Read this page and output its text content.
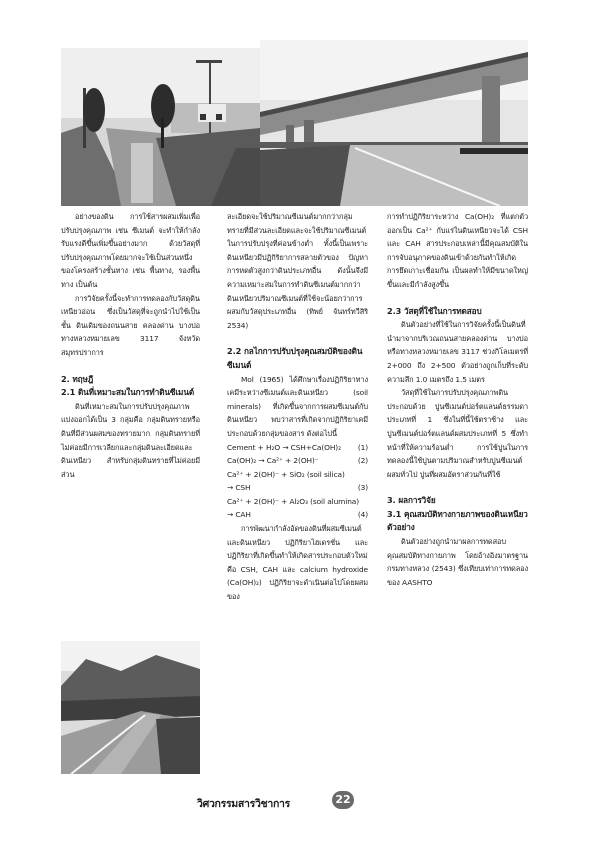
อย่างของดิน การใช้สารผสมเพิ่มเพื่อปรับปรุงคุณภาพ เช่น ซีเมนต์ จะทำให้กำลังรับแรงดีขึ้นเพิ่มขึ้นอย่างมาก ด้วยวัสดุที่ปรับปรุงคุณภาพโดยมากจะใช้เป็นส่วนหนึ่งของโครงสร้างชั้นทาง เช่น พื้นทาง, รองพื้นทาง เป็นต้น

การวิจัยครั้งนี้จะทำการทดลองกับวัสดุดินเหนียวอ่อน ซึ่งเป็นวัสดุที่จะถูกนำไปใช้เป็นชั้น ดินเดิมของถนนสาย คลองด่าน บางบ่อ ทางหลวงหมายเลข 3117 จังหวัดสมุทรปราการ

2. ทฤษฎี
2.1 ดินที่เหมาะสมในการทำดินซีเมนต์

ดินที่เหมาะสมในการปรับปรุงคุณภาพ แบ่งออกได้เป็น 3 กลุ่มคือ กลุ่มดินทรายหรือดินที่มีส่วนผสมของทรายมาก กลุ่มดินทรายที่ไม่ค่อยมีการเวลียกและกลุ่มดินละเอียดและดินเหนียว สำหรับกลุ่มดินทรายที่ไม่ค่อยมีส่วน

ละเอียดจะใช้ปริมาณซีเมนต์มากกว่ากลุ่มทรายที่มีส่วนละเอียดและจะใช้ปริมาณซีเมนต์ในการปรับปรุงที่ค่อนข้างต่ำ ทั้งนี้เป็นเพราะดินเหนียวมีปฏิกิริยาการสลายตัวของ ปัญหาการหดตัวสูงกว่าดินประเภทอื่น ดังนั้นจึงมีความเหมาะสมในการทำดินซีเมนต์มากกว่าดินเหนียวปริมาณซีเมนต์ที่ใช้จะน้อยกว่าการผสมกับวัสดุประเภทอื่น (ทิพย์ จันทร์ทวีสิริ 2534)

2.2 กลไกการปรับปรุงคุณสมบัติของดินซีเมนต์

Mol (1965) ได้ศึกษาเรื่องปฏิกิริยาทางเคมีระหว่างซีเมนต์และดินเหนียว (soil minerals) ที่เกิดขึ้นจากการผสมซีเมนต์กับดินเหนียว พบว่าสารที่เกิดจากปฏิกิริยาเคมีประกอบด้วยกลุ่มของสาร ดังต่อไปนี้

Cement + H₂O → CSH+Ca(OH)₂ (1)
Ca(OH)₂ → Ca²⁺ + 2(OH)⁻	(2)
Ca²⁺ + 2(OH)⁻ + SiO₂ (soil silica)
→ CSH	(3)
Ca²⁺ + 2(OH)⁻ + Al₂O₃ (soil alumina)
→ CAH	(4)

การพัฒนากำลังอัดของดินที่ผสมซีเมนต์และดินเหนียว ปฏิกิริยาไฮเดรชั่น และปฏิกิริยาที่เกิดขึ้นทำให้เกิดสารประกอบตัวใหม่ คือ CSH, CAH และ calcium hydroxide (Ca(OH)₂) ปฏิกิริยาจะดำเนินต่อไปโดยผสมของ

การทำปฏิกิริยาระหว่าง Ca(OH)₂ ที่แตกตัวออกเป็น Ca²⁺ กับแร่ในดินเหนียวจะได้ CSH และ CAH สารประกอบเหล่านี้มีคุณสมบัติในการจับอนุภาคของดินเข้าด้วยกันทำให้เกิดการยึดเกาะเชื่อมกัน เป็นผลทำให้มีขนาดใหญ่ขึ้นและมีกำลังสูงขึ้น

2.3 วัสดุที่ใช้ในการทดสอบ

ดินตัวอย่างที่ใช้ในการวิจัยครั้งนี้เป็นดินที่นำมาจากบริเวณถนนสายคลองด่าน บางบ่อ หรือทางหลวงหมายเลข 3117 ช่วงกิโลเมตรที่ 2+000 ถึง 2+500 ตัวอย่างถูกเก็บที่ระดับความลึก 1.0 เมตรถึง 1.5 เมตร

วัสดุที่ใช้ในการปรับปรุงคุณภาพดินประกอบด้วย ปูนซีเมนต์ปอร์ตแลนด์ธรรมดาประเภทที่ 1 ซึ่งในที่นี้ใช้ตราช้าง และปูนซีเมนต์ปอร์ตแลนด์ผสมประเภทที่ 5 ซึ่งทำหน้าที่ให้ความร้อนต่ำ การใช้ปูนในการทดลองนี้ใช้ปูนตามปริมาณสำหรับปูนซีเมนต์ผสมทั่วไป ปูนที่ผสมอัตราส่วนกันที่ใช้

3. ผลการวิจัย
3.1 คุณสมบัติทางกายภาพของดินเหนียวตัวอย่าง

ดินตัวอย่างถูกนำมาผลการทดสอบคุณสมบัติทางกายภาพ โดยอ้างอิงมาตรฐานกรมทางหลวง (2543) ซึ่งเทียบเท่าการทดลองของ AASHTO

วิศวกรรมสารวิชาการ	22
